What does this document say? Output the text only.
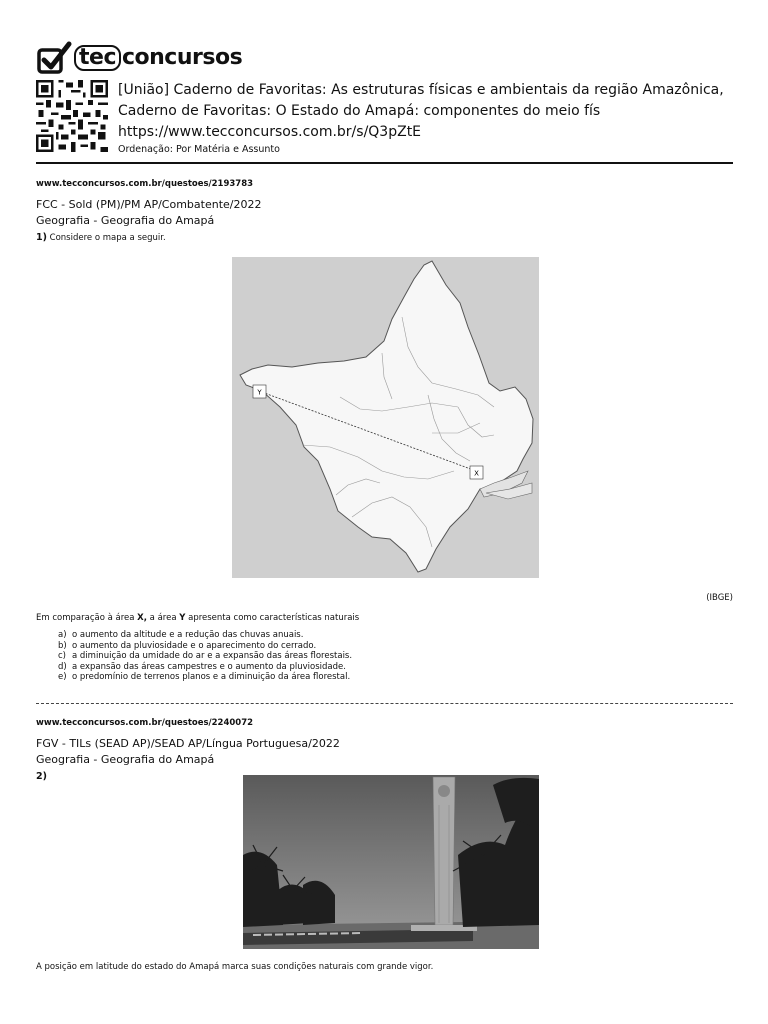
tec concursos
[União] Caderno de Favoritas: As estruturas físicas e ambientais da região Amazônica, Caderno de Favoritas: O Estado do Amapá: componentes do meio fís
https://www.tecconcursos.com.br/s/Q3pZtE
Ordenação: Por Matéria e Assunto
www.tecconcursos.com.br/questoes/2193783
FCC - Sold (PM)/PM AP/Combatente/2022
Geografia - Geografia do Amapá
1) Considere o mapa a seguir.
Y
X
(IBGE)
Em comparação à área X, a área Y apresenta como características naturais
a) o aumento da altitude e a redução das chuvas anuais.
b) o aumento da pluviosidade e o aparecimento do cerrado.
c) a diminuição da umidade do ar e a expansão das áreas florestais.
d) a expansão das áreas campestres e o aumento da pluviosidade.
e) o predomínio de terrenos planos e a diminuição da área florestal.
www.tecconcursos.com.br/questoes/2240072
FGV - TILs (SEAD AP)/SEAD AP/Língua Portuguesa/2022
Geografia - Geografia do Amapá
2)
A posição em latitude do estado do Amapá marca suas condições naturais com grande vigor.
